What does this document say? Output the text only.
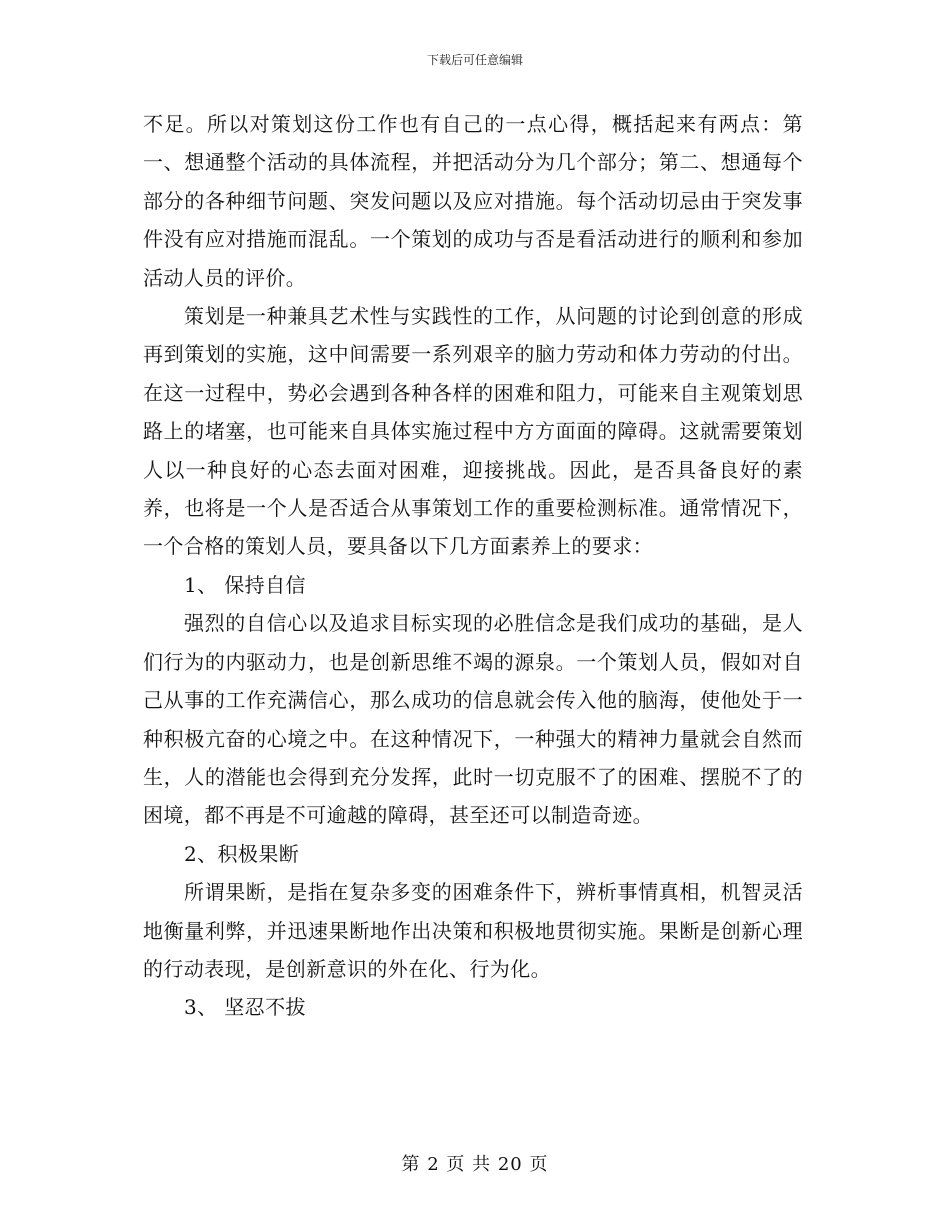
下载后可任意编辑

不足。所以对策划这份工作也有自己的一点心得，概括起来有两点：第一、想通整个活动的具体流程，并把活动分为几个部分；第二、想通每个部分的各种细节问题、突发问题以及应对措施。每个活动切忌由于突发事件没有应对措施而混乱。一个策划的成功与否是看活动进行的顺利和参加活动人员的评价。

策划是一种兼具艺术性与实践性的工作，从问题的讨论到创意的形成再到策划的实施，这中间需要一系列艰辛的脑力劳动和体力劳动的付出。在这一过程中，势必会遇到各种各样的困难和阻力，可能来自主观策划思路上的堵塞，也可能来自具体实施过程中方方面面的障碍。这就需要策划人以一种良好的心态去面对困难，迎接挑战。因此，是否具备良好的素养，也将是一个人是否适合从事策划工作的重要检测标准。通常情况下，一个合格的策划人员，要具备以下几方面素养上的要求：

1、 保持自信

强烈的自信心以及追求目标实现的必胜信念是我们成功的基础，是人们行为的内驱动力，也是创新思维不竭的源泉。一个策划人员，假如对自己从事的工作充满信心，那么成功的信息就会传入他的脑海，使他处于一种积极亢奋的心境之中。在这种情况下，一种强大的精神力量就会自然而生，人的潜能也会得到充分发挥，此时一切克服不了的困难、摆脱不了的困境，都不再是不可逾越的障碍，甚至还可以制造奇迹。

2、积极果断

所谓果断，是指在复杂多变的困难条件下，辨析事情真相，机智灵活地衡量利弊，并迅速果断地作出决策和积极地贯彻实施。果断是创新心理的行动表现，是创新意识的外在化、行为化。

3、 坚忍不拔

第 2 页 共 20 页
